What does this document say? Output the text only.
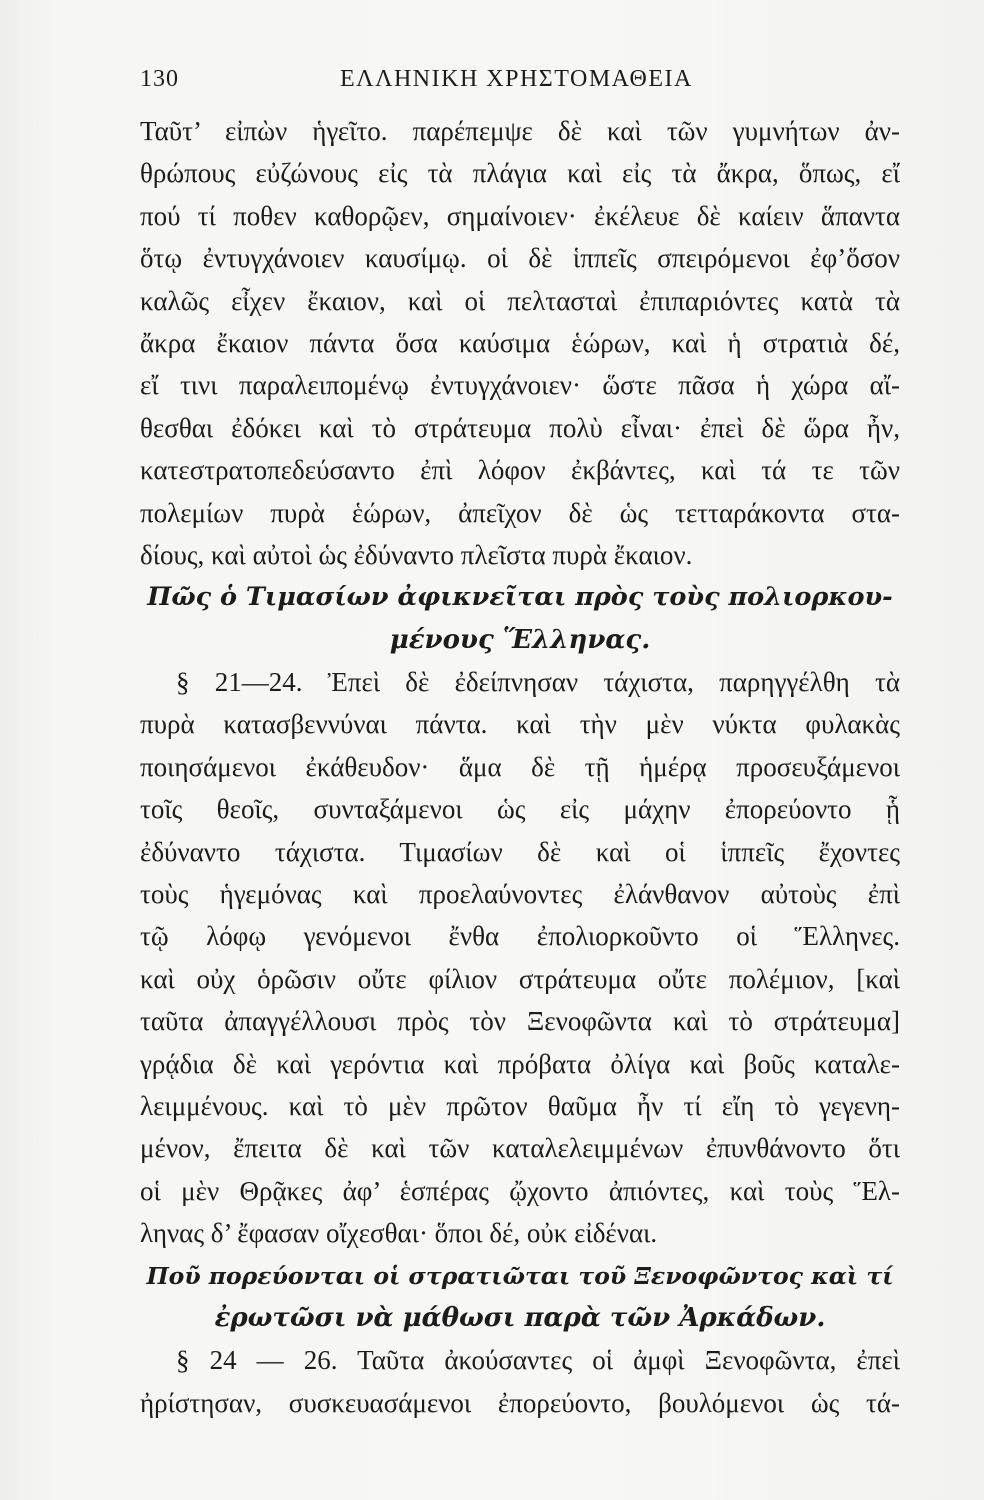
130	ΕΛΛΗΝΙΚΗ ΧΡΗΣΤΟΜΑΘΕΙΑ
Ταῦτ’ εἰπὼν ἡγεῖτο. παρέπεμψε δὲ καὶ τῶν γυμνήτων ἀν-
θρώπους εὐζώνους εἰς τὰ πλάγια καὶ εἰς τὰ ἄκρα, ὅπως, εἴ
πού τί ποθεν καθορῷεν, σημαίνοιεν· ἐκέλευε δὲ καίειν ἅπαντα
ὅτῳ ἐντυγχάνοιεν καυσίμῳ. οἱ δὲ ἱππεῖς σπειρόμενοι ἐφ’ὅσον
καλῶς εἶχεν ἔκαιον, καὶ οἱ πελτασταὶ ἐπιπαριόντες κατὰ τὰ
ἄκρα ἔκαιον πάντα ὅσα καύσιμα ἑώρων, καὶ ἡ στρατιὰ δέ,
εἴ τινι παραλειπομένῳ ἐντυγχάνοιεν· ὥστε πᾶσα ἡ χώρα αἴ-
θεσθαι ἐδόκει καὶ τὸ στράτευμα πολὺ εἶναι· ἐπεὶ δὲ ὥρα ἦν,
κατεστρατοπεδεύσαντο ἐπὶ λόφον ἐκβάντες, καὶ τά τε τῶν
πολεμίων πυρὰ ἑώρων, ἀπεῖχον δὲ ὡς τετταράκοντα στα-
δίους, καὶ αὐτοὶ ὡς ἐδύναντο πλεῖστα πυρὰ ἔκαιον.
Πῶς ὁ Τιμασίων ἀφικνεῖται πρὸς τοὺς πολιορκου-
μένους Ἕλληνας.
§ 21—24. Ἐπεὶ δὲ ἐδείπνησαν τάχιστα, παρηγγέλθη τὰ
πυρὰ κατασβεννύναι πάντα. καὶ τὴν μὲν νύκτα φυλακὰς
ποιησάμενοι ἐκάθευδον· ἅμα δὲ τῇ ἡμέρᾳ προσευξάμενοι
τοῖς θεοῖς, συνταξάμενοι ὡς εἰς μάχην ἐπορεύοντο ᾗ
ἐδύναντο τάχιστα. Τιμασίων δὲ καὶ οἱ ἱππεῖς ἔχοντες
τοὺς ἡγεμόνας καὶ προελαύνοντες ἐλάνθανον αὐτοὺς ἐπὶ
τῷ λόφῳ γενόμενοι ἔνθα ἐπολιορκοῦντο οἱ Ἕλληνες.
καὶ οὐχ ὁρῶσιν οὔτε φίλιον στράτευμα οὔτε πολέμιον, [καὶ
ταῦτα ἀπαγγέλλουσι πρὸς τὸν Ξενοφῶντα καὶ τὸ στράτευμα]
γρᾴδια δὲ καὶ γερόντια καὶ πρόβατα ὀλίγα καὶ βοῦς καταλε-
λειμμένους. καὶ τὸ μὲν πρῶτον θαῦμα ἦν τί εἴη τὸ γεγενη-
μένον, ἔπειτα δὲ καὶ τῶν καταλελειμμένων ἐπυνθάνοντο ὅτι
οἱ μὲν Θρᾷκες ἀφ’ ἑσπέρας ᾤχοντο ἀπιόντες, καὶ τοὺς Ἕλ-
ληνας δ’ ἔφασαν οἴχεσθαι· ὅποι δέ, οὐκ εἰδέναι.
Ποῦ πορεύονται οἱ στρατιῶται τοῦ Ξενοφῶντος καὶ τί
ἐρωτῶσι νὰ μάθωσι παρὰ τῶν Ἀρκάδων.
§ 24 — 26. Ταῦτα ἀκούσαντες οἱ ἀμφὶ Ξενοφῶντα, ἐπεὶ
ἠρίστησαν, συσκευασάμενοι ἐπορεύοντο, βουλόμενοι ὡς τά-
